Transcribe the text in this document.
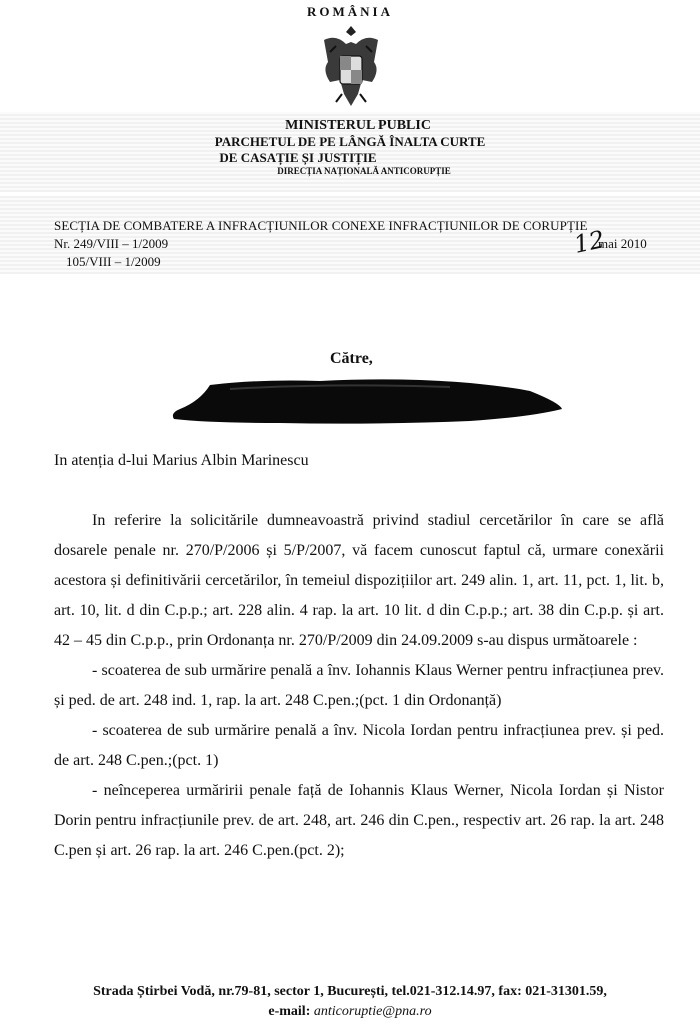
ROMÂNIA
MINISTERUL PUBLIC
PARCHETUL DE PE LÂNGĂ ÎNALTA CURTE
DE CASAȚIE ȘI JUSTIȚIE
DIRECȚIA NAȚIONALĂ ANTICORUPȚIE
SECȚIA DE COMBATERE A INFRACȚIUNILOR CONEXE INFRACȚIUNILOR DE CORUPȚIE
Nr. 249/VIII – 1/2009
105/VIII – 1/2009
12
mai 2010
Către,
In atenția d-lui Marius Albin Marinescu

In referire la solicitările dumneavoastră privind stadiul cercetărilor în care se află dosarele penale nr. 270/P/2006 și 5/P/2007, vă facem cunoscut faptul că, urmare conexării acestora și definitivării cercetărilor, în temeiul dispozițiilor art. 249 alin. 1, art. 11, pct. 1, lit. b, art. 10, lit. d din C.p.p.; art. 228 alin. 4 rap. la art. 10 lit. d din C.p.p.; art. 38 din C.p.p. și art. 42 – 45 din C.p.p., prin Ordonanța nr. 270/P/2009 din 24.09.2009 s-au dispus următoarele :

- scoaterea de sub urmărire penală a înv. Iohannis Klaus Werner pentru infracțiunea prev. și ped. de art. 248 ind. 1, rap. la art. 248 C.pen.;(pct. 1 din Ordonanță)

- scoaterea de sub urmărire penală a înv. Nicola Iordan pentru infracțiunea prev. și ped. de art. 248 C.pen.;(pct. 1)

- neînceperea urmăririi penale față de Iohannis Klaus Werner, Nicola Iordan și Nistor Dorin pentru infracțiunile prev. de art. 248, art. 246 din C.pen., respectiv art. 26 rap. la art. 248 C.pen și art. 26 rap. la art. 246 C.pen.(pct. 2);

Strada Știrbei Vodă, nr.79-81, sector 1, București, tel.021-312.14.97, fax: 021-31301.59,
e-mail: anticoruptie@pna.ro
